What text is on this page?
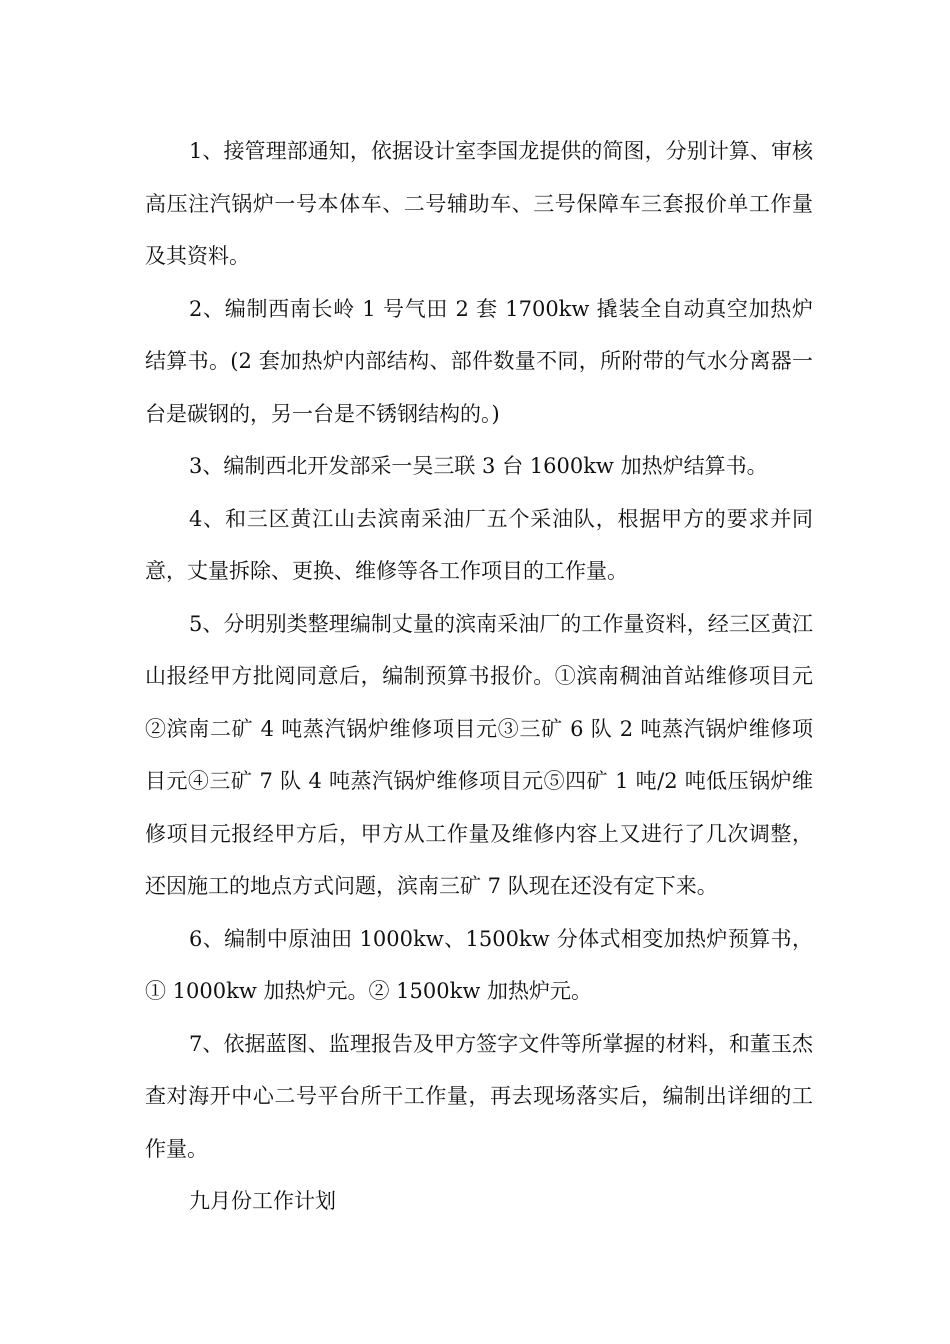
1、接管理部通知，依据设计室李国龙提供的简图，分别计算、审核高压注汽锅炉一号本体车、二号辅助车、三号保障车三套报价单工作量及其资料。

2、编制西南长岭 1 号气田 2 套 1700kw 撬装全自动真空加热炉结算书。(2 套加热炉内部结构、部件数量不同，所附带的气水分离器一台是碳钢的，另一台是不锈钢结构的。)

3、编制西北开发部采一吴三联 3 台 1600kw 加热炉结算书。

4、和三区黄江山去滨南采油厂五个采油队，根据甲方的要求并同意，丈量拆除、更换、维修等各工作项目的工作量。

5、分明别类整理编制丈量的滨南采油厂的工作量资料，经三区黄江山报经甲方批阅同意后，编制预算书报价。①滨南稠油首站维修项目元②滨南二矿 4 吨蒸汽锅炉维修项目元③三矿 6 队 2 吨蒸汽锅炉维修项目元④三矿 7 队 4 吨蒸汽锅炉维修项目元⑤四矿 1 吨/2 吨低压锅炉维修项目元报经甲方后，甲方从工作量及维修内容上又进行了几次调整，还因施工的地点方式问题，滨南三矿 7 队现在还没有定下来。

6、编制中原油田 1000kw、1500kw 分体式相变加热炉预算书，① 1000kw 加热炉元。② 1500kw 加热炉元。

7、依据蓝图、监理报告及甲方签字文件等所掌握的材料，和董玉杰查对海开中心二号平台所干工作量，再去现场落实后，编制出详细的工作量。

九月份工作计划
